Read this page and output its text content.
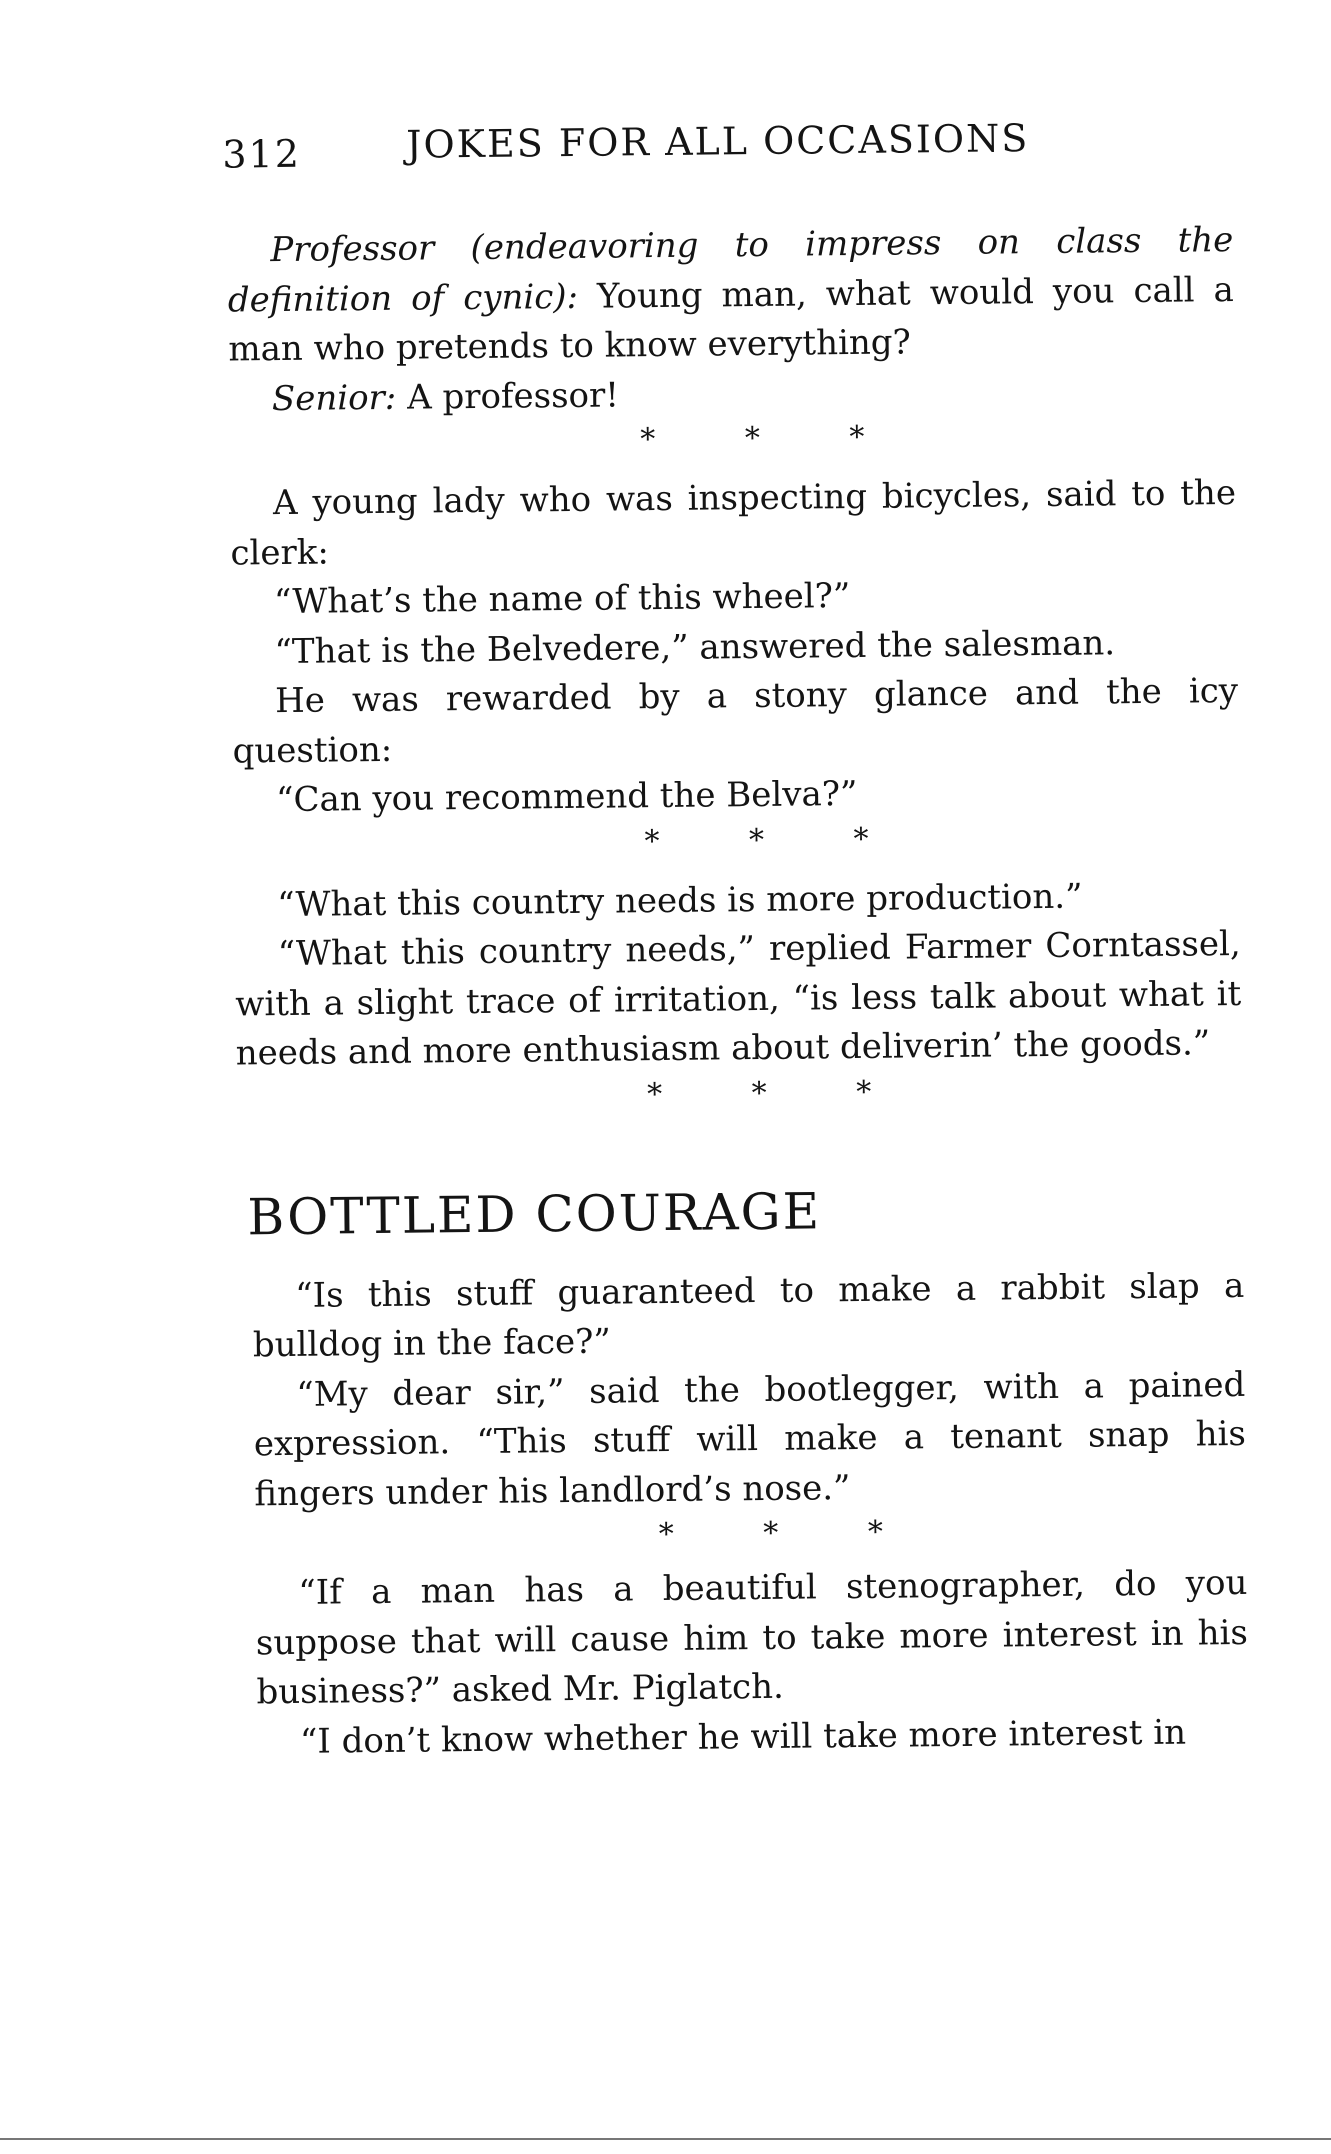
312	JOKES FOR ALL OCCASIONS

Professor (endeavoring to impress on class the definition of cynic): Young man, what would you call a man who pretends to know everything?

Senior: A professor!

* * *

A young lady who was inspecting bicycles, said to the clerk:

“What’s the name of this wheel?”

“That is the Belvedere,” answered the salesman.

He was rewarded by a stony glance and the icy question:

“Can you recommend the Belva?”

* * *

“What this country needs is more production.”

“What this country needs,” replied Farmer Corntassel, with a slight trace of irritation, “is less talk about what it needs and more enthusiasm about deliverin’ the goods.”

* * *
BOTTLED COURAGE

“Is this stuff guaranteed to make a rabbit slap a bulldog in the face?”

“My dear sir,” said the bootlegger, with a pained expression. “This stuff will make a tenant snap his fingers under his landlord’s nose.”

* * *

“If a man has a beautiful stenographer, do you suppose that will cause him to take more interest in his business?” asked Mr. Piglatch.

“I don’t know whether he will take more interest in
